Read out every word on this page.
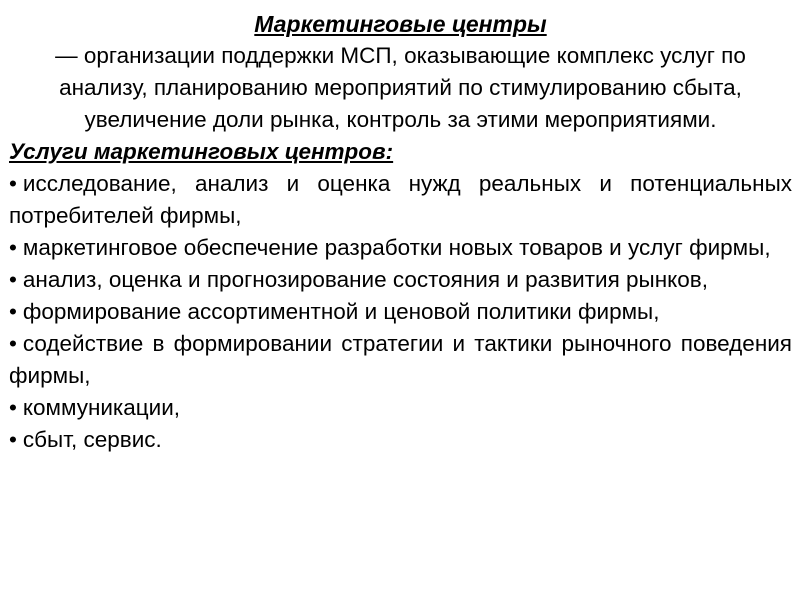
Маркетинговые центры

— организации поддержки МСП, оказывающие комплекс услуг по анализу, планированию мероприятий по стимулированию сбыта, увеличение доли рынка, контроль за этими мероприятиями.

Услуги маркетинговых центров:

• исследование, анализ и оценка нужд реальных и потенциальных потребителей фирмы,
• маркетинговое обеспечение разработки новых товаров и услуг фирмы,
• анализ, оценка и прогнозирование состояния и развития рынков,
• формирование ассортиментной и ценовой политики фирмы,
• содействие в формировании стратегии и тактики рыночного поведения фирмы,
• коммуникации,
• сбыт, сервис.
